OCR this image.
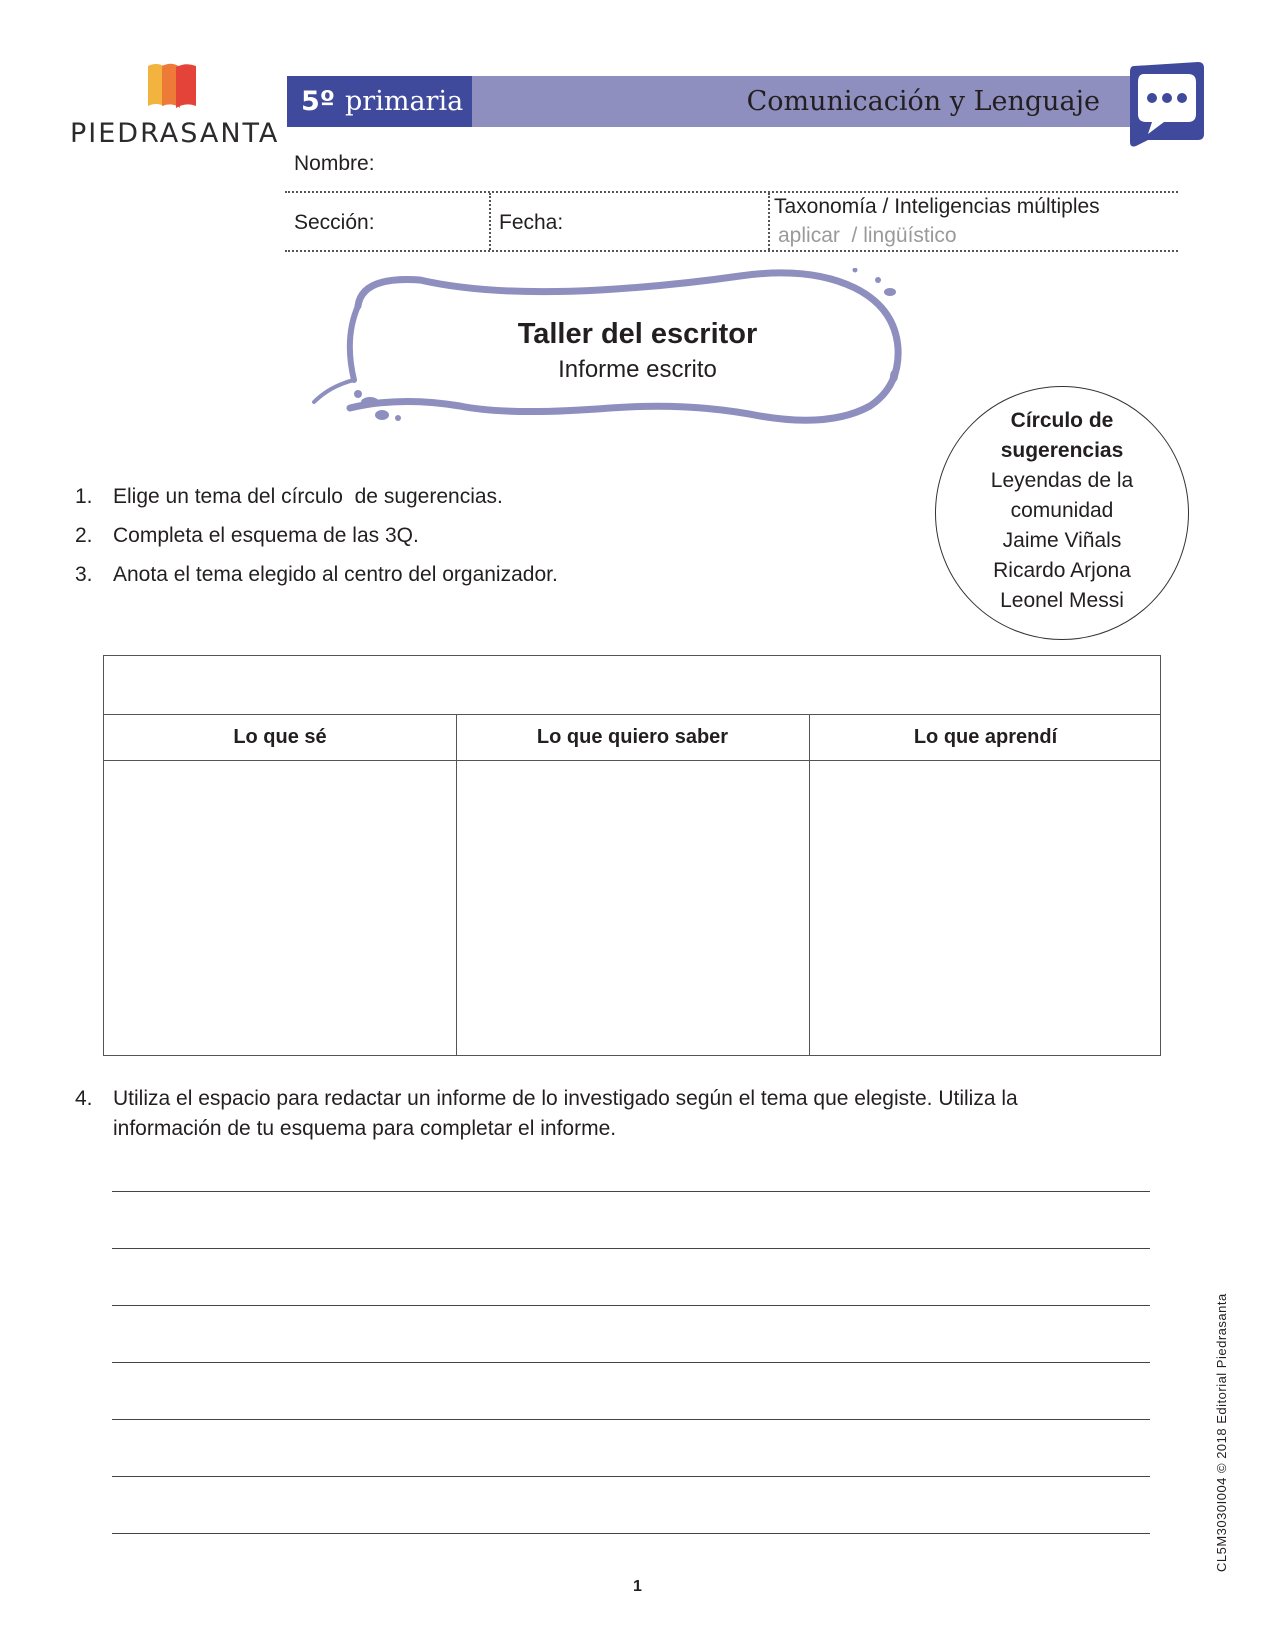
PIEDRASANTA
5º primaria	Comunicación y Lenguaje
Nombre:
Sección:	Fecha:
Taxonomía / Inteligencias múltiples
aplicar  / lingüístico
Taller del escritor
Informe escrito
Círculo de
sugerencias
Leyendas de la
comunidad
Jaime Viñals
Ricardo Arjona
Leonel Messi
1. Elige un tema del círculo  de sugerencias.
2. Completa el esquema de las 3Q.
3. Anota el tema elegido al centro del organizador.
Lo que sé	Lo que quiero saber	Lo que aprendí
4. Utiliza el espacio para redactar un informe de lo investigado según el tema que elegiste. Utiliza la
información de tu esquema para completar el informe.
1
CL5M3030I004 © 2018 Editorial Piedrasanta
